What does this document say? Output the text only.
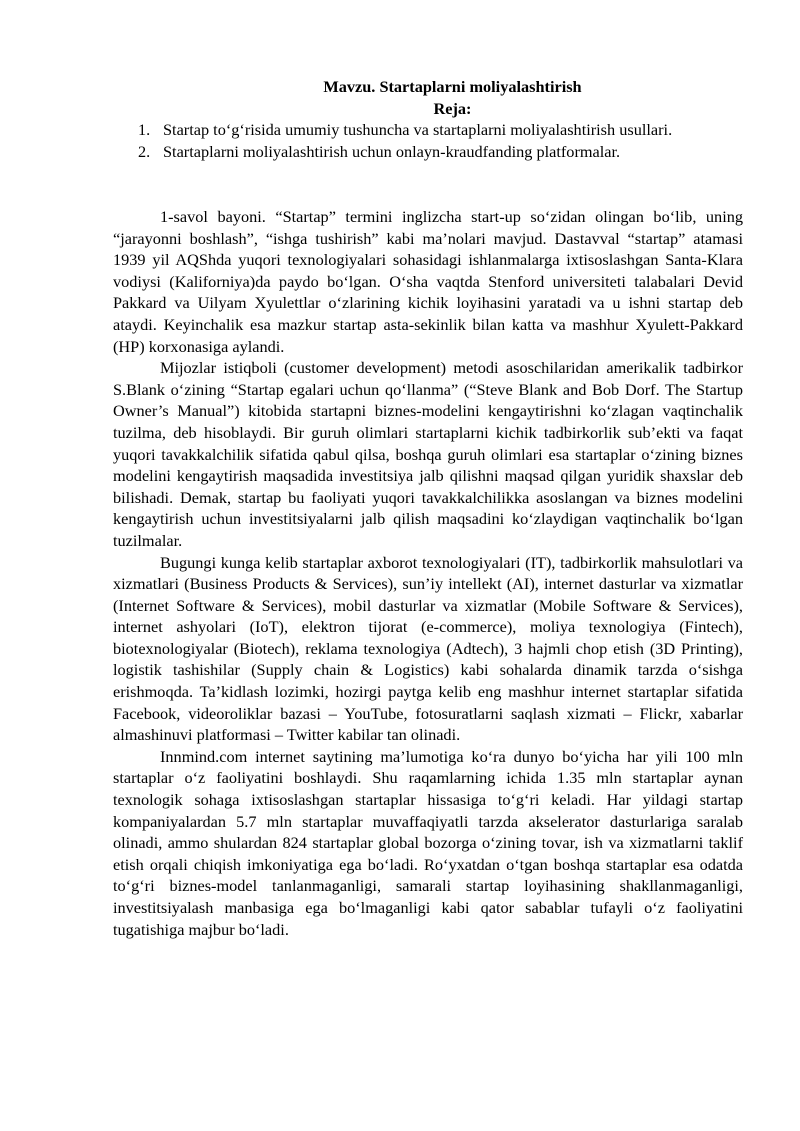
Mavzu. Startaplarni moliyalashtirish
Reja:
1. Startap to‘g‘risida umumiy tushuncha va startaplarni moliyalashtirish usullari.
2. Startaplarni moliyalashtirish uchun onlayn-kraudfanding platformalar.

1-savol bayoni. “Startap” termini inglizcha start-up so‘zidan olingan bo‘lib, uning “jarayonni boshlash”, “ishga tushirish” kabi ma’nolari mavjud. Dastavval “startap” atamasi 1939 yil AQShda yuqori texnologiyalari sohasidagi ishlanmalarga ixtisoslashgan Santa-Klara vodiysi (Kaliforniya)da paydo bo‘lgan. O‘sha vaqtda Stenford universiteti talabalari Devid Pakkard va Uilyam Xyulettlar o‘zlarining kichik loyihasini yaratadi va u ishni startap deb ataydi. Keyinchalik esa mazkur startap asta-sekinlik bilan katta va mashhur Xyulett-Pakkard (HP) korxonasiga aylandi.

Mijozlar istiqboli (customer development) metodi asoschilaridan amerikalik tadbirkor S.Blank o‘zining “Startap egalari uchun qo‘llanma” (“Steve Blank and Bob Dorf. The Startup Owner’s Manual”) kitobida startapni biznes-modelini kengaytirishni ko‘zlagan vaqtinchalik tuzilma, deb hisoblaydi. Bir guruh olimlari startaplarni kichik tadbirkorlik sub’ekti va faqat yuqori tavakkalchilik sifatida qabul qilsa, boshqa guruh olimlari esa startaplar o‘zining biznes modelini kengaytirish maqsadida investitsiya jalb qilishni maqsad qilgan yuridik shaxslar deb bilishadi. Demak, startap bu faoliyati yuqori tavakkalchilikka asoslangan va biznes modelini kengaytirish uchun investitsiyalarni jalb qilish maqsadini ko‘zlaydigan vaqtinchalik bo‘lgan tuzilmalar.

Bugungi kunga kelib startaplar axborot texnologiyalari (IT), tadbirkorlik mahsulotlari va xizmatlari (Business Products & Services), sun’iy intellekt (AI), internet dasturlar va xizmatlar (Internet Software & Services), mobil dasturlar va xizmatlar (Mobile Software & Services), internet ashyolari (IoT), elektron tijorat (e-commerce), moliya texnologiya (Fintech), biotexnologiyalar (Biotech), reklama texnologiya (Adtech), 3 hajmli chop etish (3D Printing), logistik tashishilar (Supply chain & Logistics) kabi sohalarda dinamik tarzda o‘sishga erishmoqda. Ta’kidlash lozimki, hozirgi paytga kelib eng mashhur internet startaplar sifatida Facebook, videoroliklar bazasi – YouTube, fotosuratlarni saqlash xizmati – Flickr, xabarlar almashinuvi platformasi – Twitter kabilar tan olinadi.

Innmind.com internet saytining ma’lumotiga ko‘ra dunyo bo‘yicha har yili 100 mln startaplar o‘z faoliyatini boshlaydi. Shu raqamlarning ichida 1.35 mln startaplar aynan texnologik sohaga ixtisoslashgan startaplar hissasiga to‘g‘ri keladi. Har yildagi startap kompaniyalardan 5.7 mln startaplar muvaffaqiyatli tarzda akselerator dasturlariga saralab olinadi, ammo shulardan 824 startaplar global bozorga o‘zining tovar, ish va xizmatlarni taklif etish orqali chiqish imkoniyatiga ega bo‘ladi. Ro‘yxatdan o‘tgan boshqa startaplar esa odatda to‘g‘ri biznes-model tanlanmaganligi, samarali startap loyihasining shakllanmaganligi, investitsiyalash manbasiga ega bo‘lmaganligi kabi qator sabablar tufayli o‘z faoliyatini tugatishiga majbur bo‘ladi.
